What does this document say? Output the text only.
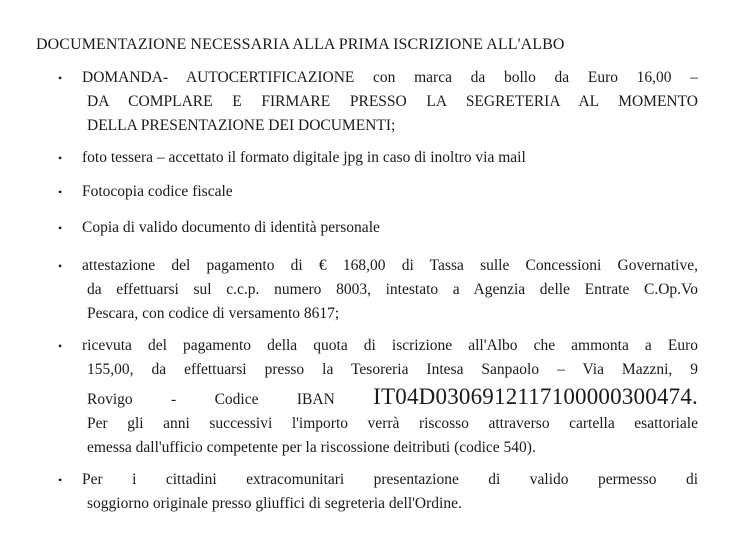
DOCUMENTAZIONE NECESSARIA ALLA PRIMA ISCRIZIONE ALL'ALBO
•	DOMANDA- AUTOCERTIFICAZIONE con marca da bollo da Euro 16,00 –
DA COMPLARE E FIRMARE PRESSO LA SEGRETERIA AL MOMENTO
DELLA PRESENTAZIONE DEI DOCUMENTI;
•	foto tessera – accettato il formato digitale jpg in caso di inoltro via mail
•	Fotocopia codice fiscale
•	Copia di valido documento di identità personale
•	attestazione del pagamento di € 168,00 di Tassa sulle Concessioni Governative,
da effettuarsi sul c.c.p. numero 8003, intestato a Agenzia delle Entrate C.Op.Vo
Pescara, con codice di versamento 8617;
•	ricevuta del pagamento della quota di iscrizione all'Albo che ammonta a Euro
155,00, da effettuarsi presso la Tesoreria Intesa Sanpaolo – Via Mazzni, 9
Rovigo - Codice IBAN IT04D0306912117100000300474.
Per gli anni successivi l'importo verrà riscosso attraverso cartella esattoriale
emessa dall'ufficio competente per la riscossione deitributi (codice 540).
•	Per i cittadini extracomunitari presentazione di valido permesso di
soggiorno originale presso gliuffici di segreteria dell'Ordine.
